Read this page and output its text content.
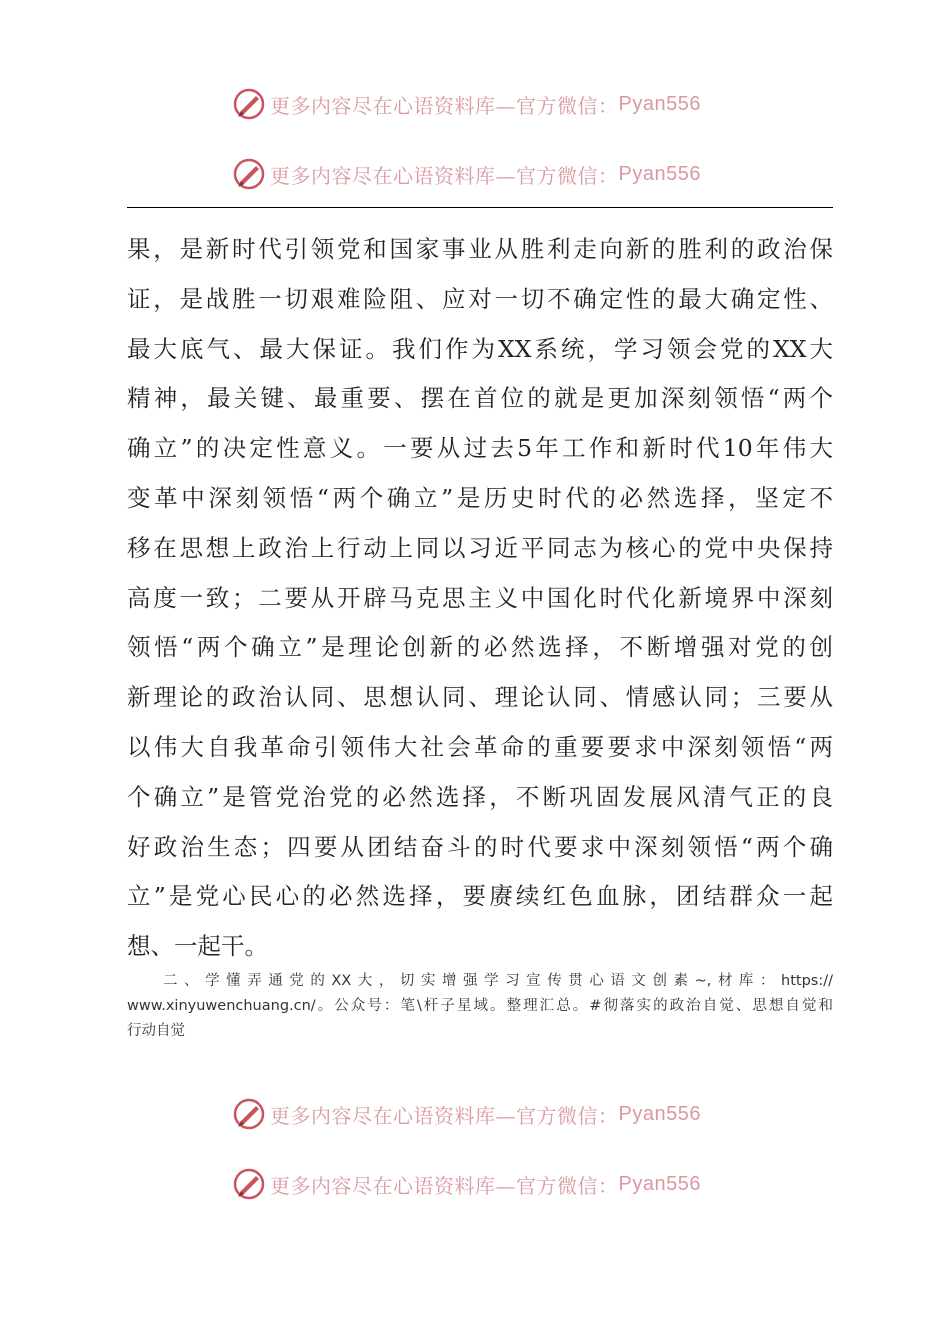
更多内容尽在心语资料库—官方微信： Pyan556
更多内容尽在心语资料库—官方微信： Pyan556
果，是新时代引领党和国家事业从胜利走向新的胜利的政治保
证，是战胜一切艰难险阻、应对一切不确定性的最大确定性、
最大底气、最大保证。我们作为XX系统，学习领会党的XX大
精神，最关键、最重要、摆在首位的就是更加深刻领悟“两个
确立”的决定性意义。一要从过去5年工作和新时代10年伟大
变革中深刻领悟“两个确立”是历史时代的必然选择，坚定不
移在思想上政治上行动上同以习近平同志为核心的党中央保持
高度一致；二要从开辟马克思主义中国化时代化新境界中深刻
领悟“两个确立”是理论创新的必然选择，不断增强对党的创
新理论的政治认同、思想认同、理论认同、情感认同；三要从
以伟大自我革命引领伟大社会革命的重要要求中深刻领悟“两
个确立”是管党治党的必然选择，不断巩固发展风清气正的良
好政治生态；四要从团结奋斗的时代要求中深刻领悟“两个确
立”是党心民心的必然选择，要赓续红色血脉，团结群众一起
想、一起干。
二、学懂弄通党的XX大，切实增强学习宣传贯心语文创素~,材库：https://
www.xinyuwenchuang.cn/。公众号：笔\杆子星域。整理汇总。#彻落实的政治自觉、思想自觉和
行动自觉
更多内容尽在心语资料库—官方微信： Pyan556
更多内容尽在心语资料库—官方微信： Pyan556
